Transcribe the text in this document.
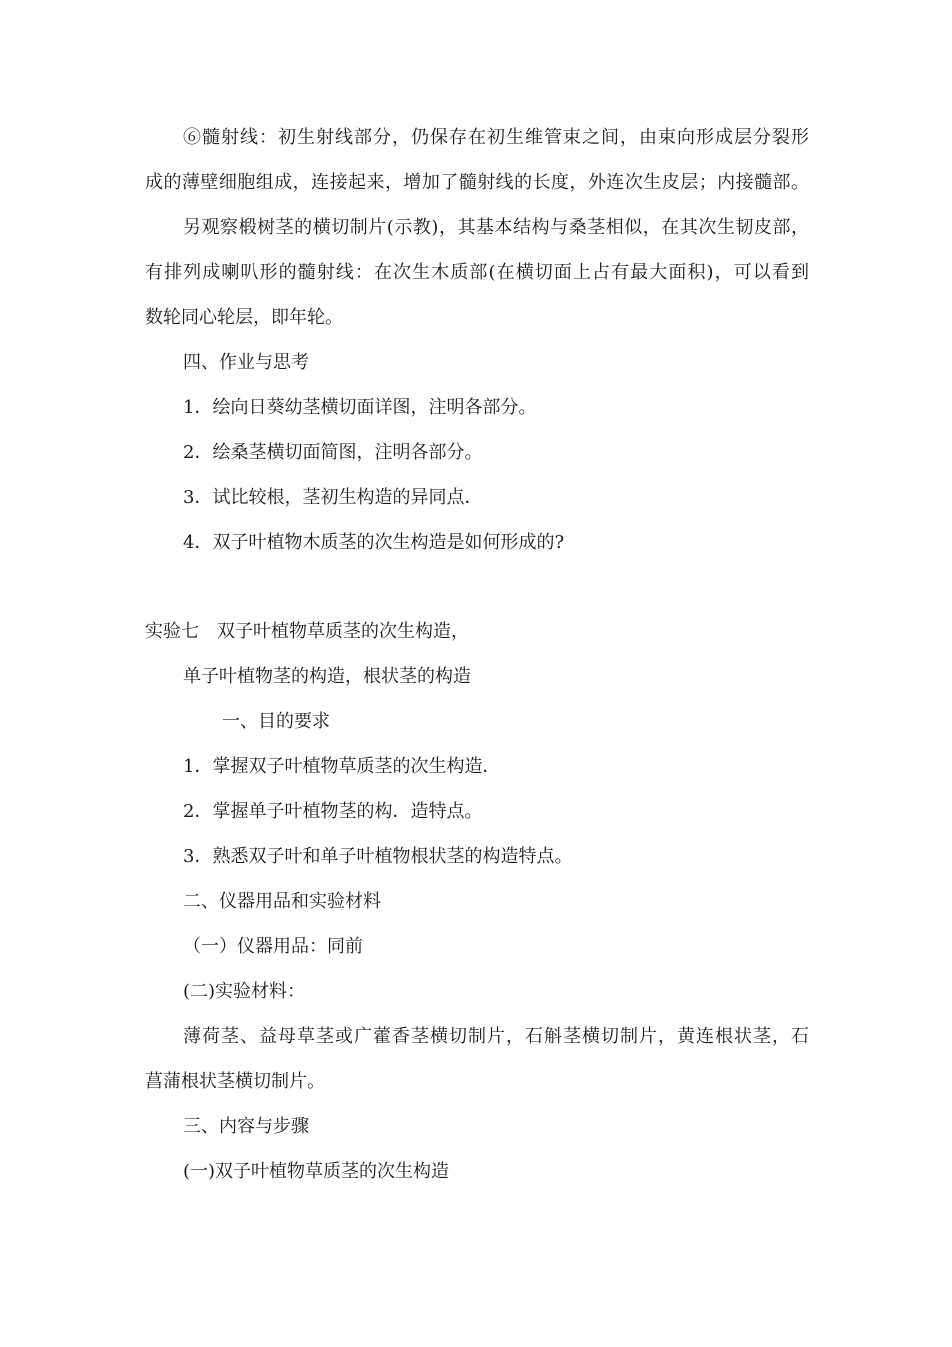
⑥髓射线：初生射线部分，仍保存在初生维管束之间，由束向形成层分裂形

成的薄壁细胞组成，连接起来，增加了髓射线的长度，外连次生皮层；内接髓部。

另观察椴树茎的横切制片(示教)，其基本结构与桑茎相似，在其次生韧皮部，

有排列成喇叭形的髓射线：在次生木质部(在横切面上占有最大面积)，可以看到

数轮同心轮层，即年轮。

四、作业与思考

1．绘向日葵幼茎横切面详图，注明各部分。

2．绘桑茎横切面简图，注明各部分。

3．试比较根，茎初生构造的异同点．

4．双子叶植物木质茎的次生构造是如何形成的?

实验七　双子叶植物草质茎的次生构造，

单子叶植物茎的构造，根状茎的构造

一、目的要求

1．掌握双子叶植物草质茎的次生构造．

2．掌握单子叶植物茎的构．造特点。

3．熟悉双子叶和单子叶植物根状茎的构造特点。

二、仪器用品和实验材料

（一）仪器用品：同前

(二)实验材料：

薄荷茎、益母草茎或广藿香茎横切制片，石斛茎横切制片，黄连根状茎，石

菖蒲根状茎横切制片。

三、内容与步骤

(一)双子叶植物草质茎的次生构造
